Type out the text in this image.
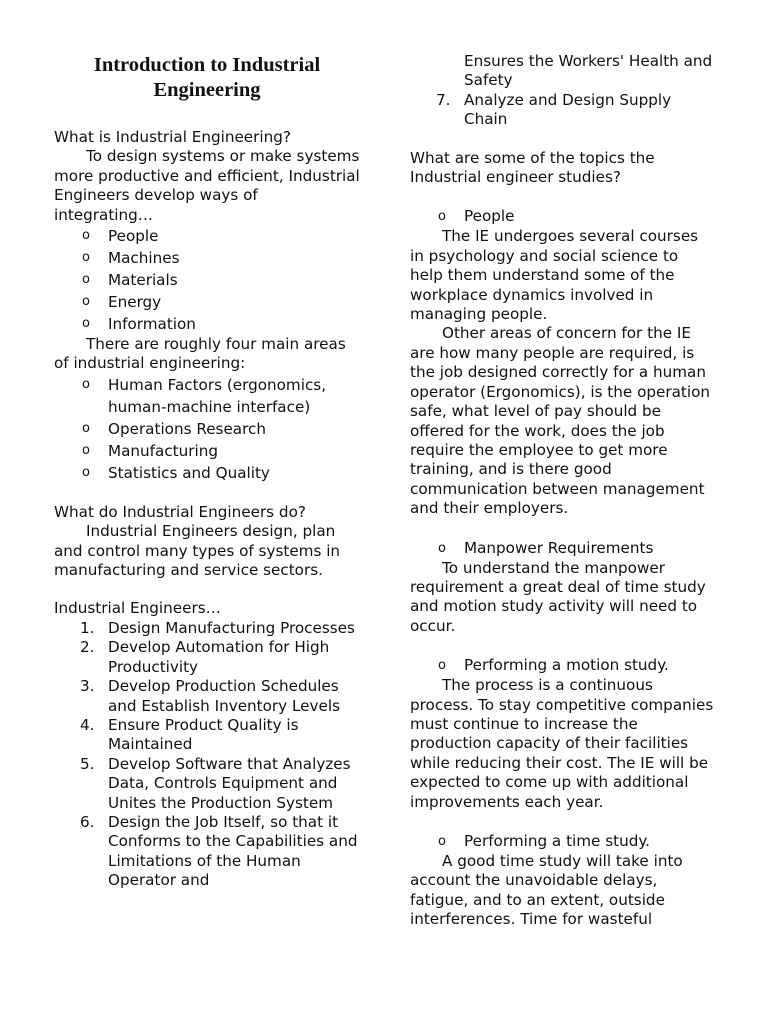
Introduction to Industrial Engineering
What is Industrial Engineering?

To design systems or make systems more productive and efficient, Industrial Engineers develop ways of integrating…

o People
o Machines
o Materials
o Energy
o Information

There are roughly four main areas of industrial engineering:

o Human Factors (ergonomics, human-machine interface)
o Operations Research
o Manufacturing
o Statistics and Quality
What do Industrial Engineers do?

Industrial Engineers design, plan and control many types of systems in manufacturing and service sectors.

Industrial Engineers…

1. Design Manufacturing Processes
2. Develop Automation for High Productivity
3. Develop Production Schedules and Establish Inventory Levels
4. Ensure Product Quality is Maintained
5. Develop Software that Analyzes Data, Controls Equipment and Unites the Production System
6. Design the Job Itself, so that it Conforms to the Capabilities and Limitations of the Human Operator and
Ensures the Workers' Health and Safety
7. Analyze and Design Supply Chain
What are some of the topics the Industrial engineer studies?

o People

The IE undergoes several courses in psychology and social science to help them understand some of the workplace dynamics involved in managing people.

Other areas of concern for the IE are how many people are required, is the job designed correctly for a human operator (Ergonomics), is the operation safe, what level of pay should be offered for the work, does the job require the employee to get more training, and is there good communication between management and their employers.

o Manpower Requirements

To understand the manpower requirement a great deal of time study and motion study activity will need to occur.

o Performing a motion study.

The process is a continuous process. To stay competitive companies must continue to increase the production capacity of their facilities while reducing their cost. The IE will be expected to come up with additional improvements each year.

o Performing a time study.

A good time study will take into account the unavoidable delays, fatigue, and to an extent, outside interferences. Time for wasteful
